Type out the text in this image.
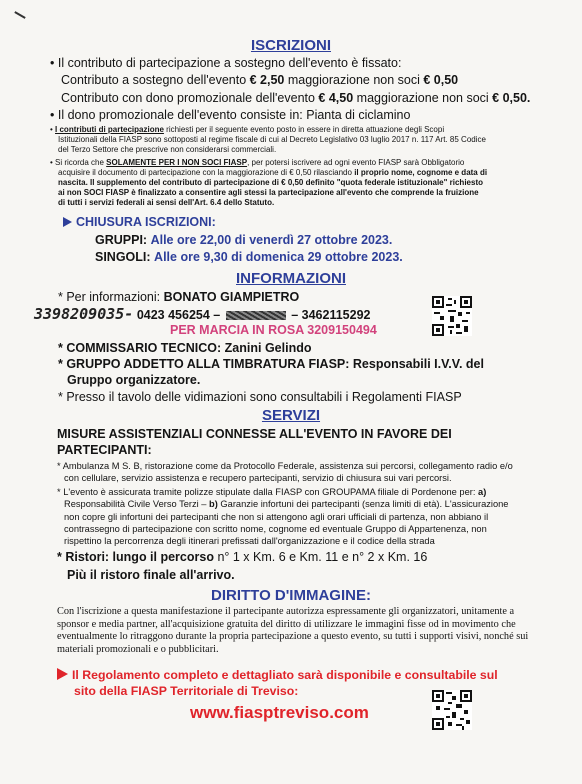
ISCRIZIONI
• Il contributo di partecipazione a sostegno dell'evento è fissato:
Contributo a sostegno dell'evento € 2,50 maggiorazione non soci € 0,50
Contributo con dono promozionale dell'evento € 4,50 maggiorazione non soci € 0,50.
• Il dono promozionale dell'evento consiste in: Pianta di ciclamino
• I contributi di partecipazione richiesti per il seguente evento posto in essere in diretta attuazione degli Scopi
Istituzionali della FIASP sono sottoposti al regime fiscale di cui al Decreto Legislativo 03 luglio 2017 n. 117 Art. 85 Codice
del Terzo Settore che prescrive non considerarsi commerciali.
• Si ricorda che SOLAMENTE PER I NON SOCI FIASP, per potersi iscrivere ad ogni evento FIASP sarà Obbligatorio
acquisire il documento di partecipazione con la maggiorazione di € 0,50 rilasciando il proprio nome, cognome e data di
nascita. Il supplemento del contributo di partecipazione di € 0,50 definito "quota federale istituzionale" richiesto
ai non SOCI FIASP è finalizzato a consentire agli stessi la partecipazione all'evento che comprende la fruizione
di tutti i servizi federali ai sensi dell'Art. 6.4 dello Statuto.
CHIUSURA ISCRIZIONI:
GRUPPI: Alle ore 22,00 di venerdì 27 ottobre 2023.
SINGOLI: Alle ore 9,30 di domenica 29 ottobre 2023.
INFORMAZIONI
* Per informazioni: BONATO GIAMPIETRO
3398209035- 0423 456254 –	– 3462115292
PER MARCIA IN ROSA 3209150494
* COMMISSARIO TECNICO: Zanini Gelindo
* GRUPPO ADDETTO ALLA TIMBRATURA FIASP: Responsabili I.V.V. del
Gruppo organizzatore.
* Presso il tavolo delle vidimazioni sono consultabili i Regolamenti FIASP
SERVIZI
MISURE ASSISTENZIALI CONNESSE ALL'EVENTO IN FAVORE DEI
PARTECIPANTI:
* Ambulanza M S. B, ristorazione come da Protocollo Federale, assistenza sui percorsi, collegamento radio e/o
con cellulare, servizio assistenza e recupero partecipanti, servizio di chiusura sui vari percorsi.
* L'evento è assicurata tramite polizze stipulate dalla FIASP con GROUPAMA filiale di Pordenone per: a)
Responsabilità Civile Verso Terzi – b) Garanzie infortuni dei partecipanti (senza limiti di età). L'assicurazione
non copre gli infortuni dei partecipanti che non si attengono agli orari ufficiali di partenza, non abbiano il
contrassegno di partecipazione con scritto nome, cognome ed eventuale Gruppo di Appartenenza, non
rispettino la percorrenza degli itinerari prefissati dall'organizzazione e il codice della strada
* Ristori: lungo il percorso n° 1 x Km. 6 e Km. 11 e n° 2 x Km. 16
Più il ristoro finale all'arrivo.
DIRITTO D'IMMAGINE:
Con l'iscrizione a questa manifestazione il partecipante autorizza espressamente gli organizzatori, unitamente a
sponsor e media partner, all'acquisizione gratuita del diritto di utilizzare le immagini fisse od in movimento che
eventualmente lo ritraggono durante la propria partecipazione a questo evento, su tutti i supporti visivi, nonché sui
materiali promozionali e o pubblicitari.
Il Regolamento completo e dettagliato sarà disponibile e consultabile sul
sito della FIASP Territoriale di Treviso:
www.fiasptreviso.com
